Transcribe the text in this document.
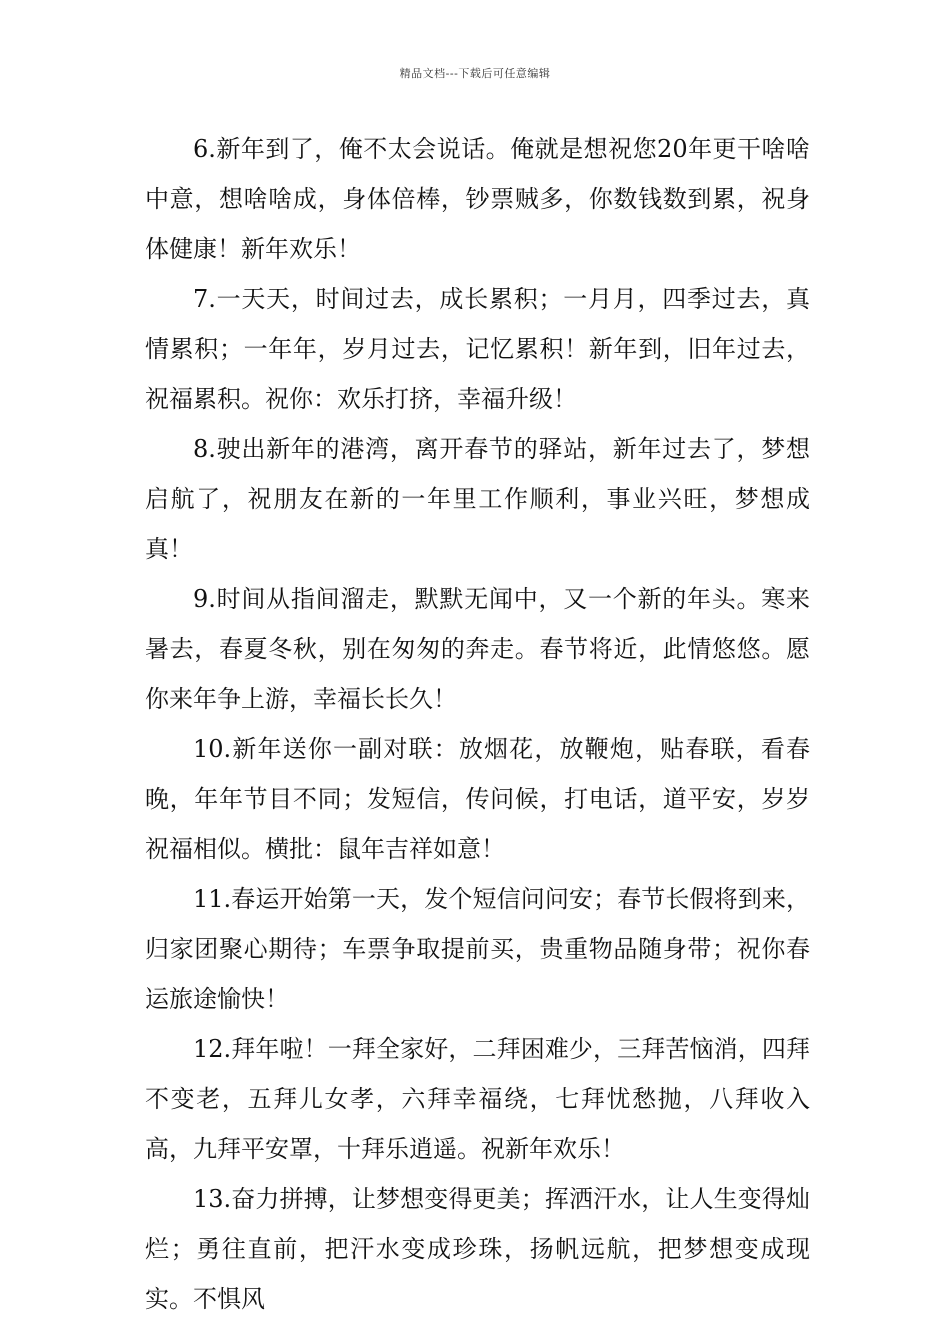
精品文档---下载后可任意编辑

6.新年到了，俺不太会说话。俺就是想祝您20年更干啥啥中意，想啥啥成，身体倍棒，钞票贼多，你数钱数到累，祝身体健康！新年欢乐！

7.一天天，时间过去，成长累积；一月月，四季过去，真情累积；一年年，岁月过去，记忆累积！新年到，旧年过去，祝福累积。祝你：欢乐打挤，幸福升级！

8.驶出新年的港湾，离开春节的驿站，新年过去了，梦想启航了，祝朋友在新的一年里工作顺利，事业兴旺，梦想成真！

9.时间从指间溜走，默默无闻中，又一个新的年头。寒来暑去，春夏冬秋，别在匆匆的奔走。春节将近，此情悠悠。愿你来年争上游，幸福长长久！

10.新年送你一副对联：放烟花，放鞭炮，贴春联，看春晚，年年节目不同；发短信，传问候，打电话，道平安，岁岁祝福相似。横批：鼠年吉祥如意！

11.春运开始第一天，发个短信问问安；春节长假将到来，归家团聚心期待；车票争取提前买，贵重物品随身带；祝你春运旅途愉快！

12.拜年啦！一拜全家好，二拜困难少，三拜苦恼消，四拜不变老，五拜儿女孝，六拜幸福绕，七拜忧愁抛，八拜收入高，九拜平安罩，十拜乐逍遥。祝新年欢乐！

13.奋力拼搏，让梦想变得更美；挥洒汗水，让人生变得灿烂；勇往直前，把汗水变成珍珠，扬帆远航，把梦想变成现实。不惧风
